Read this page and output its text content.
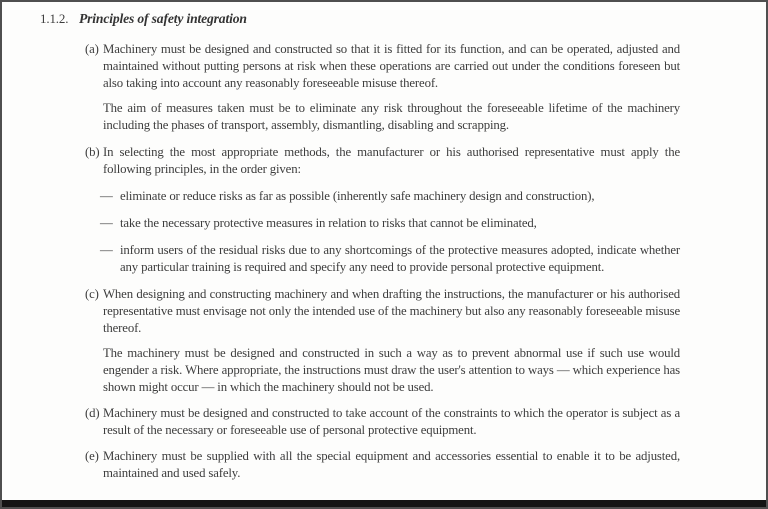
1.1.2. Principles of safety integration
(a) Machinery must be designed and constructed so that it is fitted for its function, and can be operated, adjusted and maintained without putting persons at risk when these operations are carried out under the conditions foreseen but also taking into account any reasonably foreseeable misuse thereof.

The aim of measures taken must be to eliminate any risk throughout the foreseeable lifetime of the machinery including the phases of transport, assembly, dismantling, disabling and scrapping.

(b) In selecting the most appropriate methods, the manufacturer or his authorised representative must apply the following principles, in the order given:

— eliminate or reduce risks as far as possible (inherently safe machinery design and construction),
— take the necessary protective measures in relation to risks that cannot be eliminated,
— inform users of the residual risks due to any shortcomings of the protective measures adopted, indicate whether any particular training is required and specify any need to provide personal protective equipment.
(c) When designing and constructing machinery and when drafting the instructions, the manufacturer or his authorised representative must envisage not only the intended use of the machinery but also any reasonably foreseeable misuse thereof.

The machinery must be designed and constructed in such a way as to prevent abnormal use if such use would engender a risk. Where appropriate, the instructions must draw the user's attention to ways — which experience has shown might occur — in which the machinery should not be used.

(d) Machinery must be designed and constructed to take account of the constraints to which the operator is subject as a result of the necessary or foreseeable use of personal protective equipment.

(e) Machinery must be supplied with all the special equipment and accessories essential to enable it to be adjusted, maintained and used safely.
